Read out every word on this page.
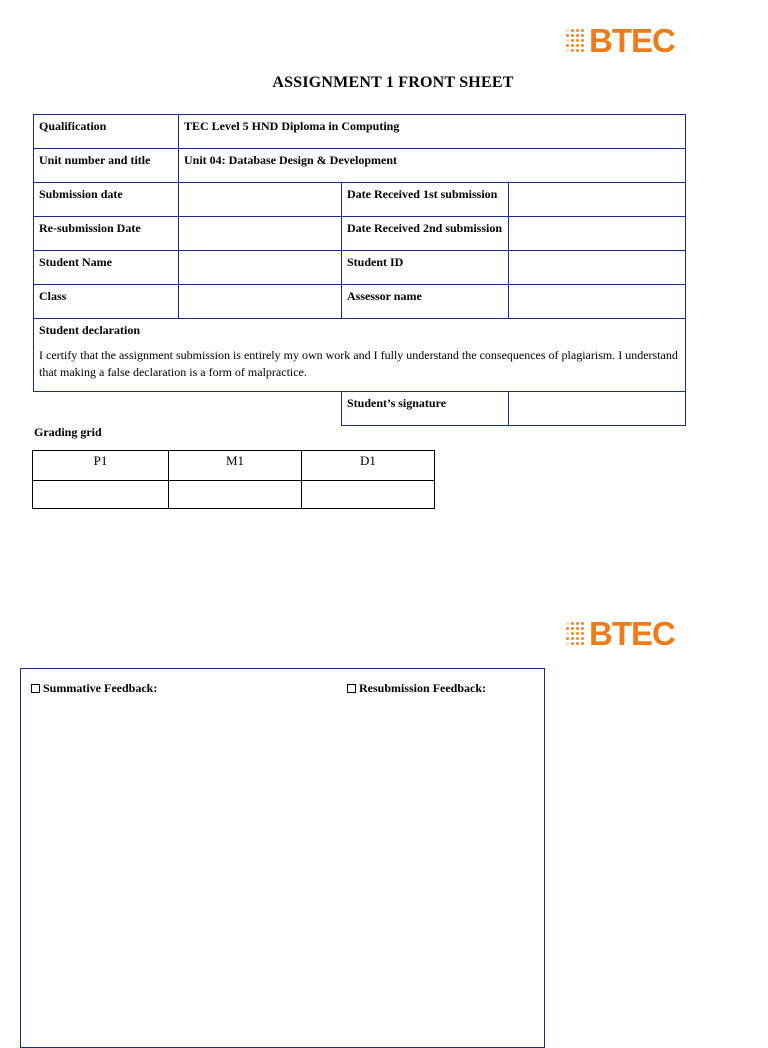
BTEC
ASSIGNMENT 1 FRONT SHEET
Qualification	TEC Level 5 HND Diploma in Computing		
Unit number and title	Unit 04: Database Design & Development		
Submission date		Date Received 1st submission	
Re-submission Date		Date Received 2nd submission	
Student Name		Student ID	
Class		Assessor name	

Student declaration
I certify that the assignment submission is entirely my own work and I fully understand the consequences of plagiarism. I understand that making a false declaration is a form of malpractice.			

		Student’s signature	
Grading grid
P1	M1	D1

BTEC
Summative Feedback:	Resubmission Feedback:
